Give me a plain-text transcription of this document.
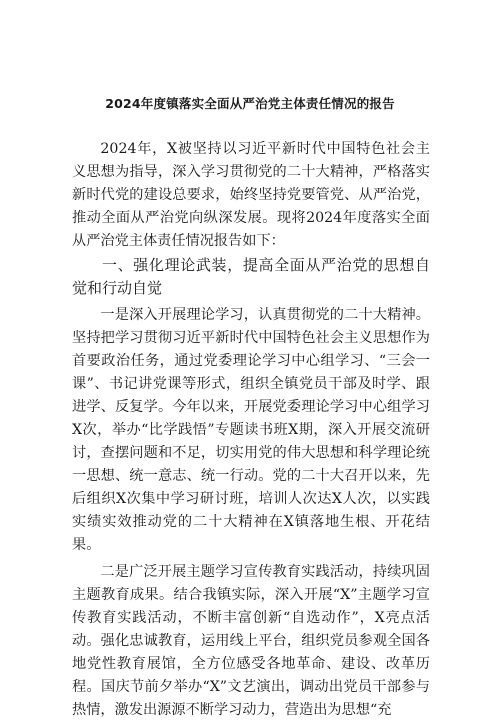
2024年度镇落实全面从严治党主体责任情况的报告

2024年，X被坚持以习近平新时代中国特色社会主义思想为指导，深入学习贯彻党的二十大精神，严格落实新时代党的建设总要求，始终坚持党要管党、从严治党，推动全面从严治党向纵深发展。现将2024年度落实全面从严治党主体责任情况报告如下：

一、强化理论武装，提高全面从严治党的思想自觉和行动自觉

一是深入开展理论学习，认真贯彻党的二十大精神。坚持把学习贯彻习近平新时代中国特色社会主义思想作为首要政治任务，通过党委理论学习中心组学习、“三会一课”、书记讲党课等形式，组织全镇党员干部及时学、跟进学、反复学。今年以来，开展党委理论学习中心组学习X次，举办“比学践悟”专题读书班X期，深入开展交流研讨，查摆问题和不足，切实用党的伟大思想和科学理论统一思想、统一意志、统一行动。党的二十大召开以来，先后组织X次集中学习研讨班，培训人次达X人次，以实践实绩实效推动党的二十大精神在X镇落地生根、开花结果。

二是广泛开展主题学习宣传教育实践活动，持续巩固主题教育成果。结合我镇实际，深入开展“X”主题学习宣传教育实践活动，不断丰富创新“自选动作”，X亮点活动。强化忠诚教育，运用线上平台，组织党员参观全国各地党性教育展馆，全方位感受各地革命、建设、改革历程。国庆节前夕举办“X”文艺演出，调动出党员干部参与热情，激发出源源不断学习动力，营造出为思想“充
